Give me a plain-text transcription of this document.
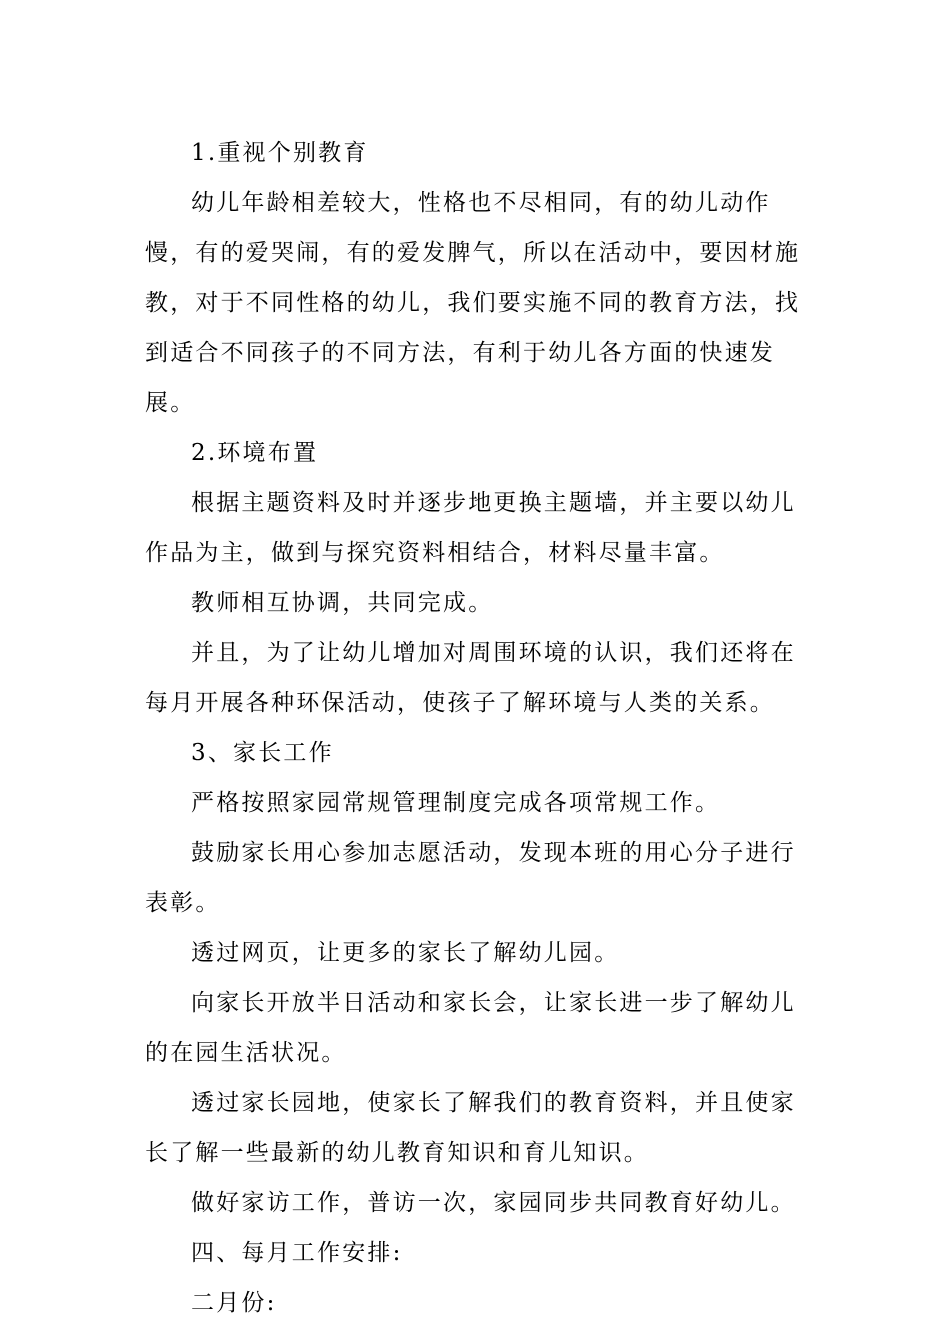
1.重视个别教育

幼儿年龄相差较大，性格也不尽相同，有的幼儿动作慢，有的爱哭闹，有的爱发脾气，所以在活动中，要因材施教，对于不同性格的幼儿，我们要实施不同的教育方法，找到适合不同孩子的不同方法，有利于幼儿各方面的快速发展。

2.环境布置

根据主题资料及时并逐步地更换主题墙，并主要以幼儿作品为主，做到与探究资料相结合，材料尽量丰富。

教师相互协调，共同完成。

并且，为了让幼儿增加对周围环境的认识，我们还将在每月开展各种环保活动，使孩子了解环境与人类的关系。

3、家长工作

严格按照家园常规管理制度完成各项常规工作。

鼓励家长用心参加志愿活动，发现本班的用心分子进行表彰。

透过网页，让更多的家长了解幼儿园。

向家长开放半日活动和家长会，让家长进一步了解幼儿的在园生活状况。

透过家长园地，使家长了解我们的教育资料，并且使家长了解一些最新的幼儿教育知识和育儿知识。

做好家访工作，普访一次，家园同步共同教育好幼儿。

四、每月工作安排:

二月份:
